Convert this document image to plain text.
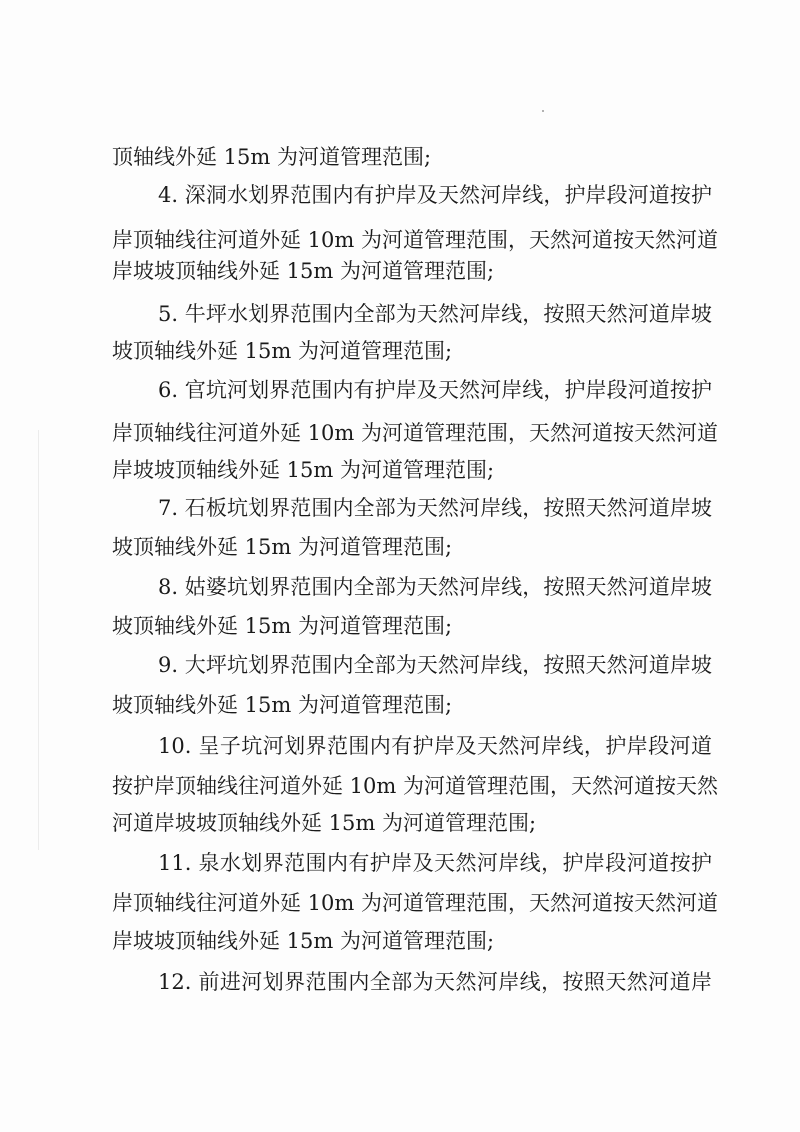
顶轴线外延 15m 为河道管理范围;
4. 深洞水划界范围内有护岸及天然河岸线，护岸段河道按护
岸顶轴线往河道外延 10m 为河道管理范围，天然河道按天然河道
岸坡坡顶轴线外延 15m 为河道管理范围;
5. 牛坪水划界范围内全部为天然河岸线，按照天然河道岸坡
坡顶轴线外延 15m 为河道管理范围;
6. 官坑河划界范围内有护岸及天然河岸线，护岸段河道按护
岸顶轴线往河道外延 10m 为河道管理范围，天然河道按天然河道
岸坡坡顶轴线外延 15m 为河道管理范围;
7. 石板坑划界范围内全部为天然河岸线，按照天然河道岸坡
坡顶轴线外延 15m 为河道管理范围;
8. 姑婆坑划界范围内全部为天然河岸线，按照天然河道岸坡
坡顶轴线外延 15m 为河道管理范围;
9. 大坪坑划界范围内全部为天然河岸线，按照天然河道岸坡
坡顶轴线外延 15m 为河道管理范围;
10. 呈子坑河划界范围内有护岸及天然河岸线，护岸段河道
按护岸顶轴线往河道外延 10m 为河道管理范围，天然河道按天然
河道岸坡坡顶轴线外延 15m 为河道管理范围;
11. 泉水划界范围内有护岸及天然河岸线，护岸段河道按护
岸顶轴线往河道外延 10m 为河道管理范围，天然河道按天然河道
岸坡坡顶轴线外延 15m 为河道管理范围;
12. 前进河划界范围内全部为天然河岸线，按照天然河道岸
